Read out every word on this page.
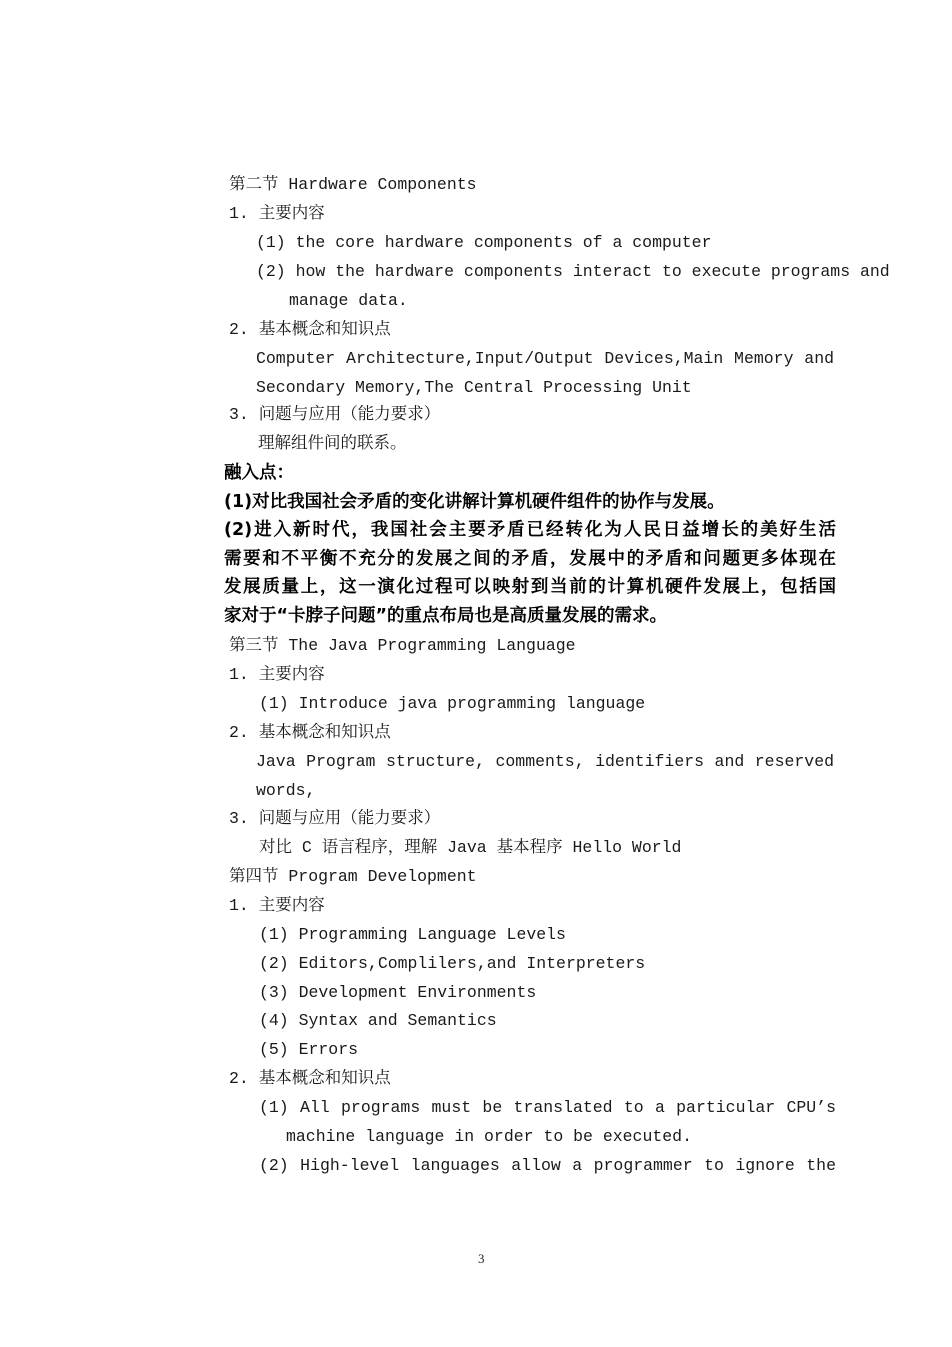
第二节 Hardware Components
1. 主要内容
(1) the core hardware components of a computer
(2) how the hardware components interact to execute programs and
manage data.
2. 基本概念和知识点
Computer Architecture,Input/Output Devices,Main Memory and
Secondary Memory,The Central Processing Unit
3. 问题与应用（能力要求）
理解组件间的联系。
融入点：
(1)对比我国社会矛盾的变化讲解计算机硬件组件的协作与发展。
(2)进入新时代，我国社会主要矛盾已经转化为人民日益增长的美好生活
需要和不平衡不充分的发展之间的矛盾，发展中的矛盾和问题更多体现在
发展质量上，这一演化过程可以映射到当前的计算机硬件发展上，包括国
家对于“卡脖子问题”的重点布局也是高质量发展的需求。
第三节 The Java Programming Language
1. 主要内容
(1) Introduce java programming language
2. 基本概念和知识点
Java Program structure, comments, identifiers and reserved
words,
3. 问题与应用（能力要求）
对比 C 语言程序，理解 Java 基本程序 Hello World
第四节 Program Development
1. 主要内容
(1) Programming Language Levels
(2) Editors,Complilers,and Interpreters
(3) Development Environments
(4) Syntax and Semantics
(5) Errors
2. 基本概念和知识点
(1) All programs must be translated to a particular CPU’s
machine language in order to be executed.
(2) High-level languages allow a programmer to ignore the
3
